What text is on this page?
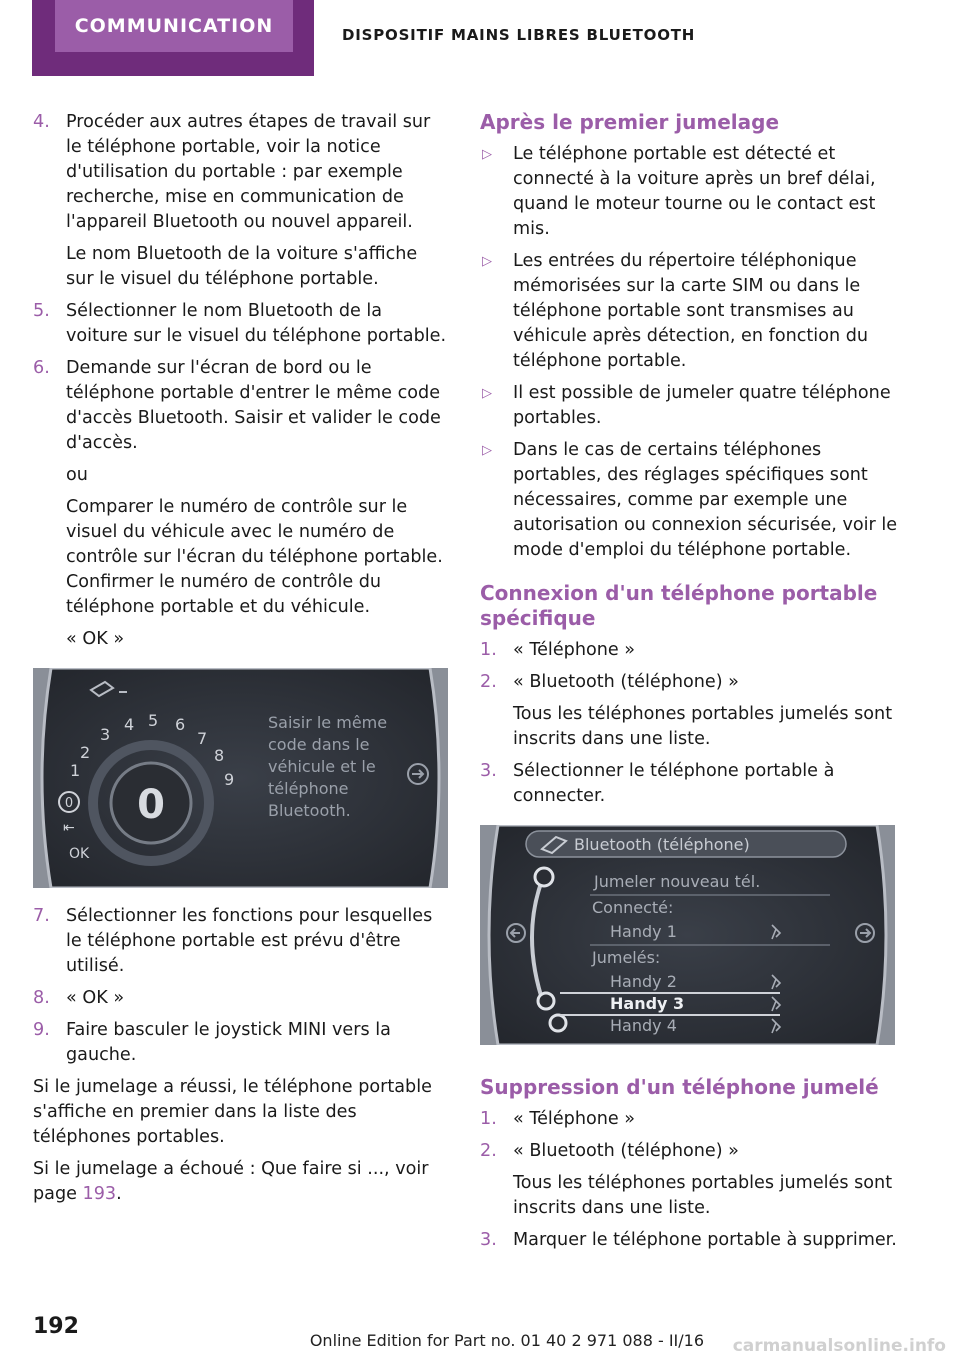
COMMUNICATION	DISPOSITIF MAINS LIBRES BLUETOOTH
4. Procéder aux autres étapes de travail sur le téléphone portable, voir la notice d'utilisation du portable : par exemple recherche, mise en communication de l'appareil Bluetooth ou nouvel appareil.
Le nom Bluetooth de la voiture s'affiche sur le visuel du téléphone portable.
5. Sélectionner le nom Bluetooth de la voiture sur le visuel du téléphone portable.
6. Demande sur l'écran de bord ou le téléphone portable d'entrer le même code d'accès Bluetooth. Saisir et valider le code d'accès.
ou
Comparer le numéro de contrôle sur le visuel du véhicule avec le numéro de contrôle sur l'écran du téléphone portable. Confirmer le numéro de contrôle du téléphone portable et du véhicule.
« OK »
0
1
2
3
4 5 6
7
8
9
0
⇤
OK
Saisir le même
code dans le
véhicule et le
téléphone
Bluetooth.
7. Sélectionner les fonctions pour lesquelles le téléphone portable est prévu d'être utilisé.
8. « OK »
9. Faire basculer le joystick MINI vers la gauche.
Si le jumelage a réussi, le téléphone portable s'affiche en premier dans la liste des téléphones portables.
Si le jumelage a échoué : Que faire si ..., voir page 193.
Après le premier jumelage
▷ Le téléphone portable est détecté et connecté à la voiture après un bref délai, quand le moteur tourne ou le contact est mis.
▷ Les entrées du répertoire téléphonique mémorisées sur la carte SIM ou dans le téléphone portable sont transmises au véhicule après détection, en fonction du téléphone portable.
▷ Il est possible de jumeler quatre téléphone portables.
▷ Dans le cas de certains téléphones portables, des réglages spécifiques sont nécessaires, comme par exemple une autorisation ou connexion sécurisée, voir le mode d'emploi du téléphone portable.
Connexion d'un téléphone portable spécifique
1. « Téléphone »
2. « Bluetooth (téléphone) »
Tous les téléphones portables jumelés sont inscrits dans une liste.
3. Sélectionner le téléphone portable à connecter.
Bluetooth (téléphone)
Jumeler nouveau tél.
Connecté:
Handy 1
Jumelés:
Handy 2
Handy 3
Handy 4
Suppression d'un téléphone jumelé
1. « Téléphone »
2. « Bluetooth (téléphone) »
Tous les téléphones portables jumelés sont inscrits dans une liste.
3. Marquer le téléphone portable à supprimer.
192
Online Edition for Part no. 01 40 2 971 088 - II/16 carmanualsonline.info
